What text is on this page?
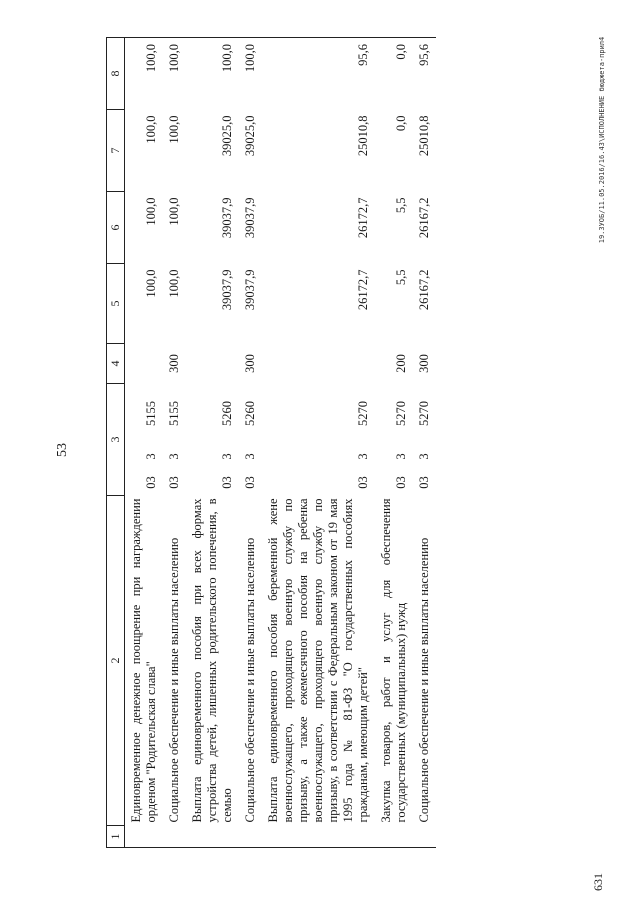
53
631
19.ЗУОБ/11.05.2016/16.43\ИСПОЛНЕНИЕ бюджета-прил4
1	2	3			4	5	6	7	8
	Единовременное денежное поощрение при награждении орденом "Родительская слава"	03	3	5155		100,0	100,0	100,0	100,0
	Социальное обеспечение и иные выплаты населению	03	3	5155	300	100,0	100,0	100,0	100,0
	Выплата единовременного пособия при всех формах устройства детей, лишенных родительского попечения, в семью	03	3	5260		39037,9	39037,9	39025,0	100,0
	Социальное обеспечение и иные выплаты населению	03	3	5260	300	39037,9	39037,9	39025,0	100,0
	Выплата единовременного пособия беременной жене военнослужащего, проходящего военную службу по призыву, а также ежемесячного пособия на ребенка военнослужащего, проходящего военную службу по призыву, в соответствии с Федеральным законом от 19 мая 1995 года № 81-ФЗ "О государственных пособиях гражданам, имеющим детей"	03	3	5270		26172,7	26172,7	25010,8	95,6
	Закупка товаров, работ и услуг для обеспечения государственных (муниципальных) нужд	03	3	5270	200	5,5	5,5	0,0	0,0
	Социальное обеспечение и иные выплаты населению	03	3	5270	300	26167,2	26167,2	25010,8	95,6
